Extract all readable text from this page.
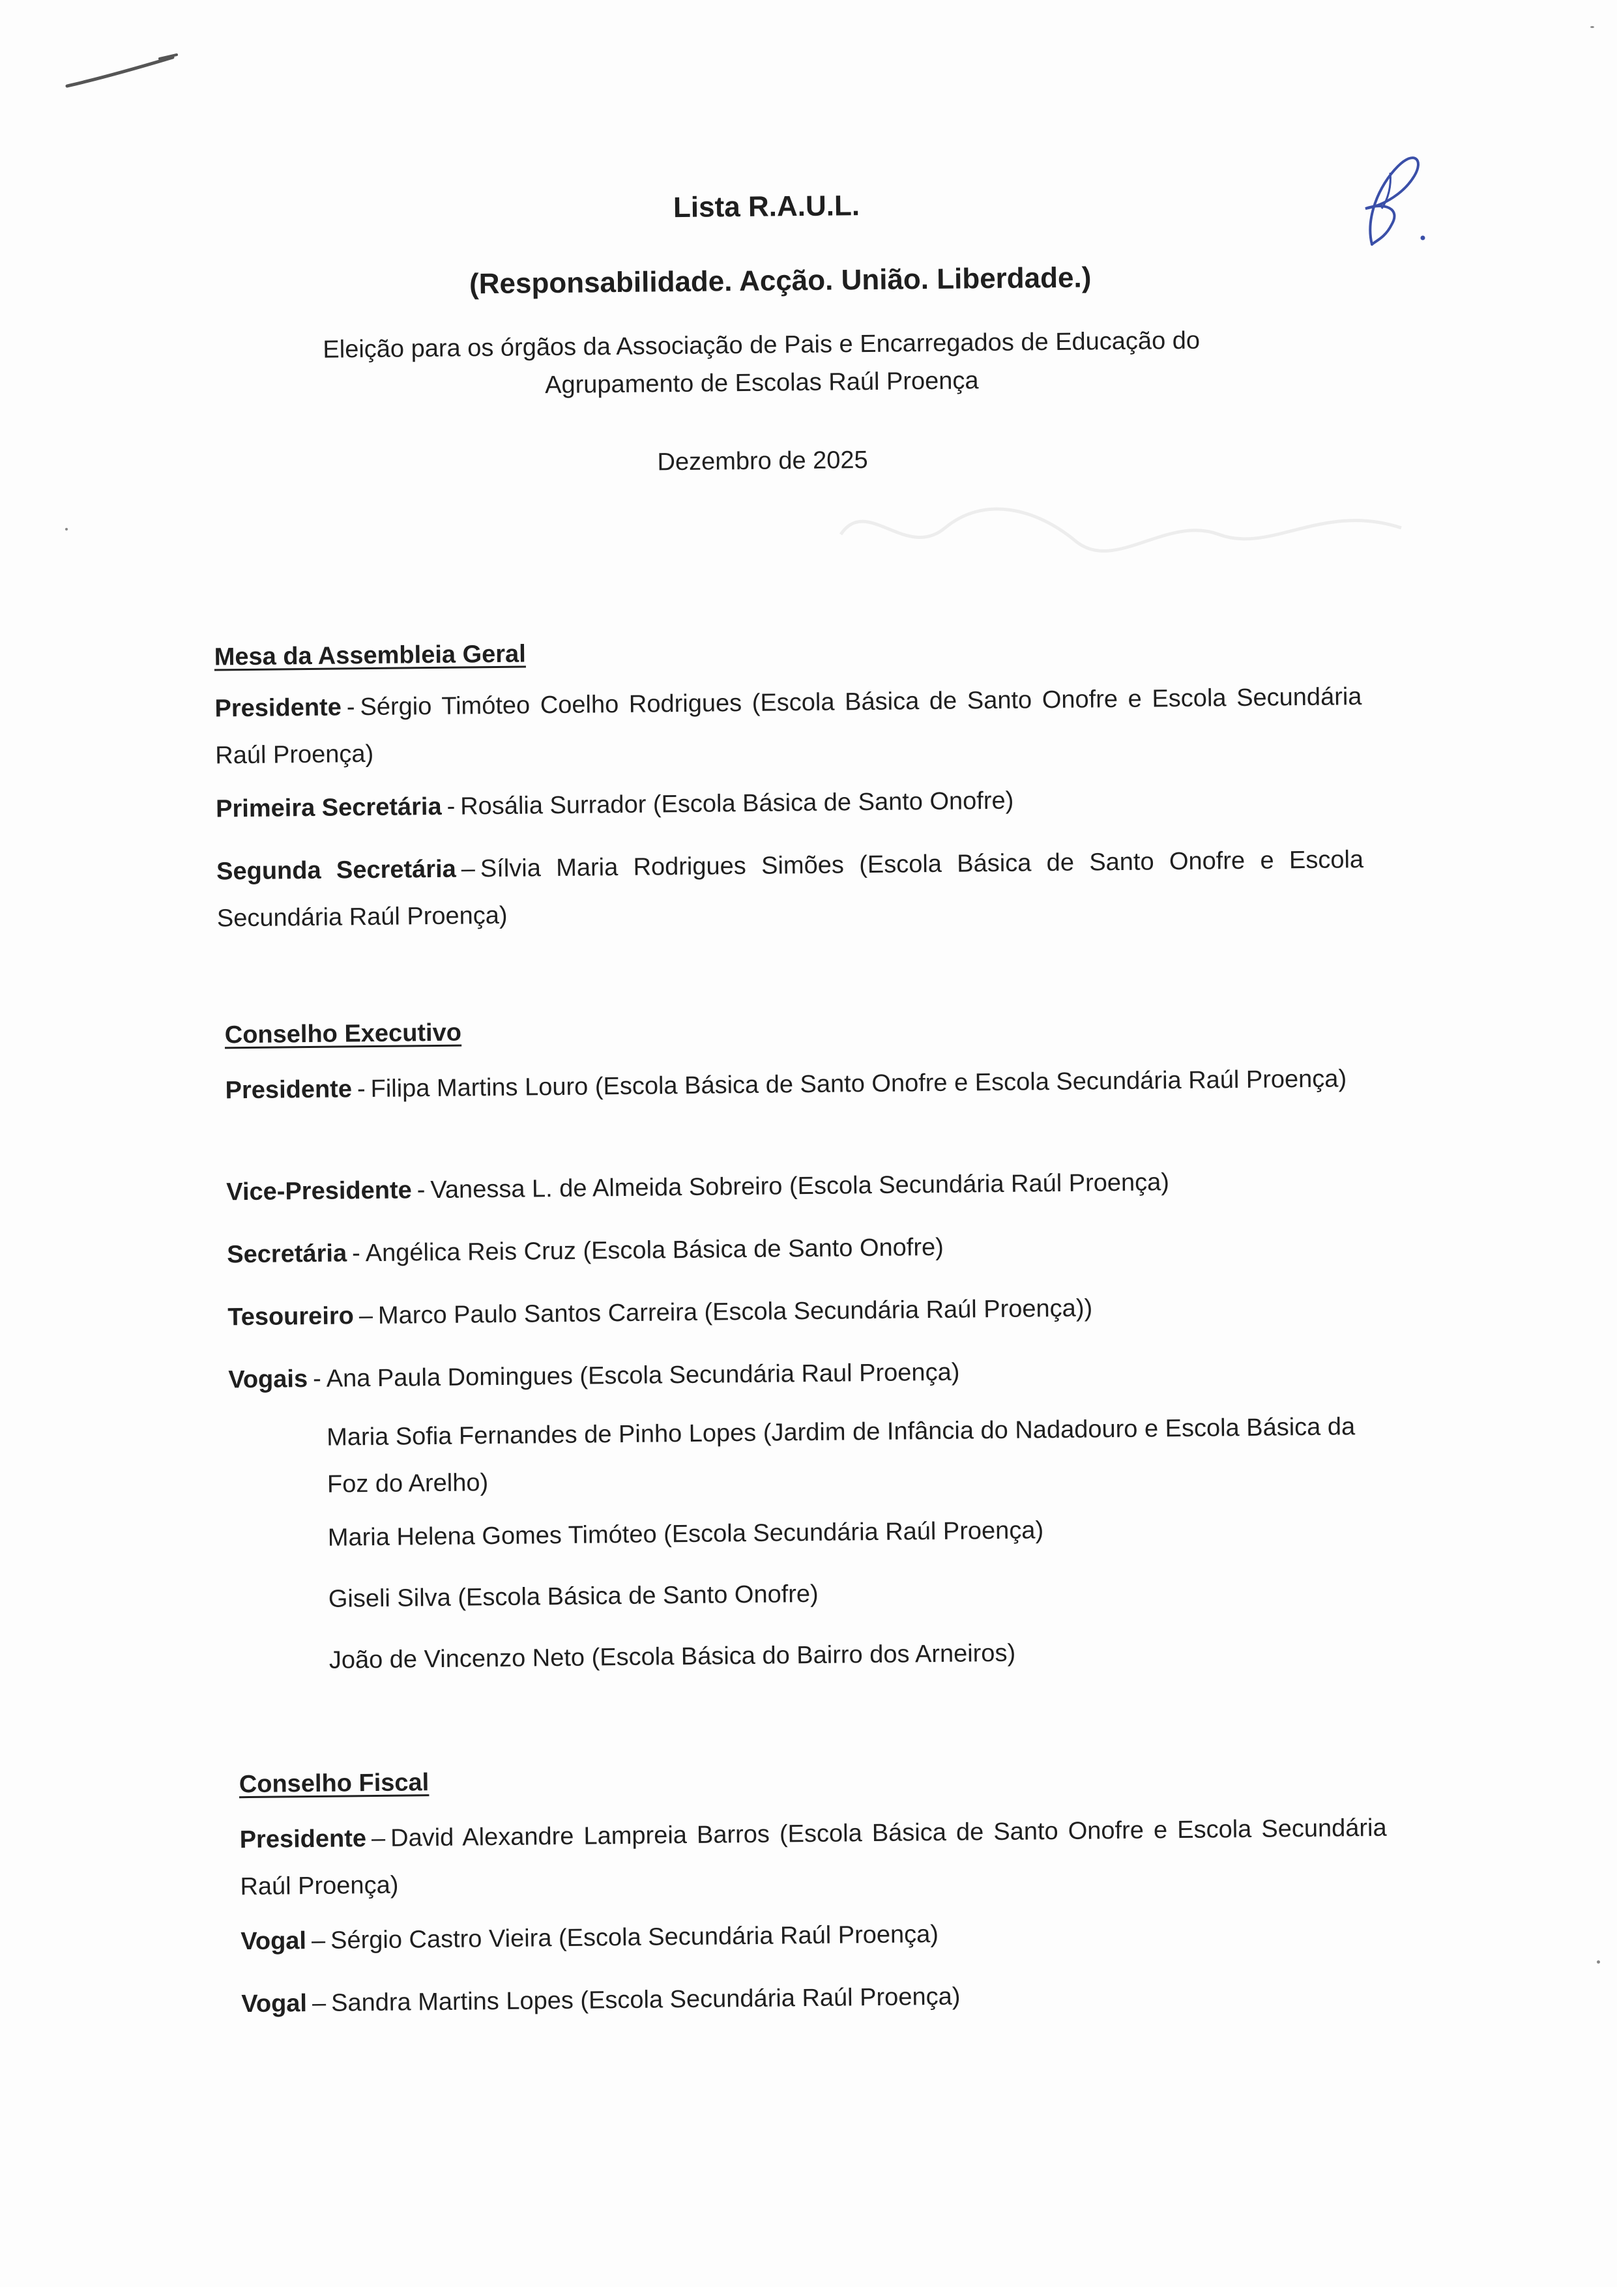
Lista R.A.U.L.
(Responsabilidade. Acção. União. Liberdade.)
Eleição para os órgãos da Associação de Pais e Encarregados de Educação do
Agrupamento de Escolas Raúl Proença
Dezembro de 2025
Mesa da Assembleia Geral
Presidente - Sérgio Timóteo Coelho Rodrigues (Escola Básica de Santo Onofre e Escola Secundária Raúl Proença)
Primeira Secretária - Rosália Surrador (Escola Básica de Santo Onofre)
Segunda Secretária – Sílvia Maria Rodrigues Simões (Escola Básica de Santo Onofre e Escola Secundária Raúl Proença)
Conselho Executivo
Presidente - Filipa Martins Louro (Escola Básica de Santo Onofre e Escola Secundária Raúl Proença)
Vice-Presidente - Vanessa L. de Almeida Sobreiro (Escola Secundária Raúl Proença)
Secretária - Angélica Reis Cruz (Escola Básica de Santo Onofre)
Tesoureiro – Marco Paulo Santos Carreira (Escola Secundária Raúl Proença))
Vogais - Ana Paula Domingues (Escola Secundária Raul Proença)
Maria Sofia Fernandes de Pinho Lopes (Jardim de Infância do Nadadouro e Escola Básica da Foz do Arelho)
Maria Helena Gomes Timóteo (Escola Secundária Raúl Proença)
Giseli Silva (Escola Básica de Santo Onofre)
João de Vincenzo Neto (Escola Básica do Bairro dos Arneiros)
Conselho Fiscal
Presidente – David Alexandre Lampreia Barros (Escola Básica de Santo Onofre e Escola Secundária Raúl Proença)
Vogal – Sérgio Castro Vieira (Escola Secundária Raúl Proença)
Vogal – Sandra Martins Lopes (Escola Secundária Raúl Proença)
